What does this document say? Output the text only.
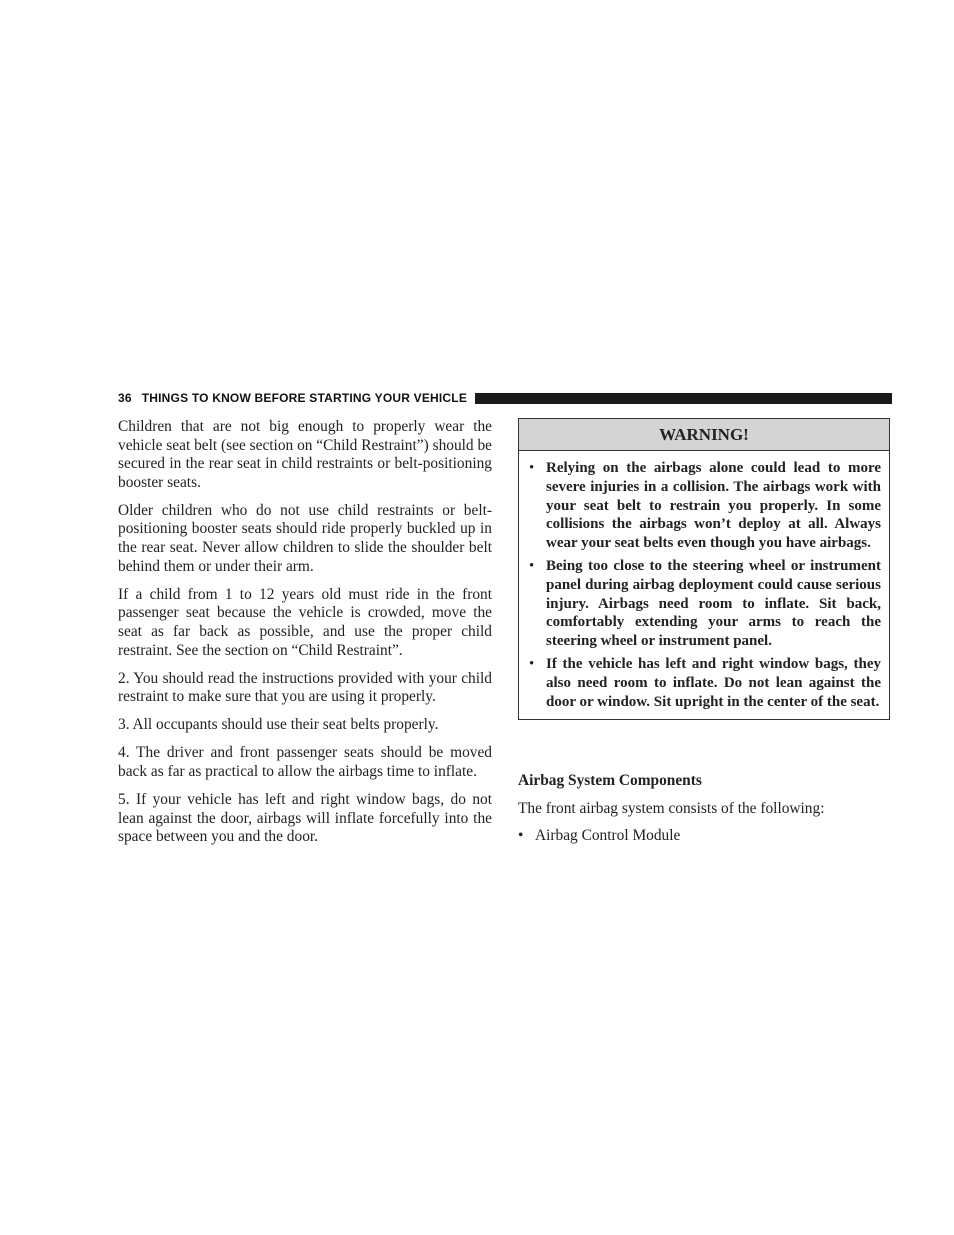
36 THINGS TO KNOW BEFORE STARTING YOUR VEHICLE

Children that are not big enough to properly wear the vehicle seat belt (see section on “Child Restraint”) should be secured in the rear seat in child restraints or belt-positioning booster seats.

Older children who do not use child restraints or belt-positioning booster seats should ride properly buckled up in the rear seat. Never allow children to slide the shoulder belt behind them or under their arm.

If a child from 1 to 12 years old must ride in the front passenger seat because the vehicle is crowded, move the seat as far back as possible, and use the proper child restraint. See the section on “Child Restraint”.

2. You should read the instructions provided with your child restraint to make sure that you are using it properly.

3. All occupants should use their seat belts properly.

4. The driver and front passenger seats should be moved back as far as practical to allow the airbags time to inflate.

5. If your vehicle has left and right window bags, do not lean against the door, airbags will inflate forcefully into the space between you and the door.

WARNING!
• Relying on the airbags alone could lead to more severe injuries in a collision. The airbags work with your seat belt to restrain you properly. In some collisions the airbags won’t deploy at all. Always wear your seat belts even though you have airbags.
• Being too close to the steering wheel or instrument panel during airbag deployment could cause serious injury. Airbags need room to inflate. Sit back, comfortably extending your arms to reach the steering wheel or instrument panel.
• If the vehicle has left and right window bags, they also need room to inflate. Do not lean against the door or window. Sit upright in the center of the seat.

Airbag System Components

The front airbag system consists of the following:

• Airbag Control Module
